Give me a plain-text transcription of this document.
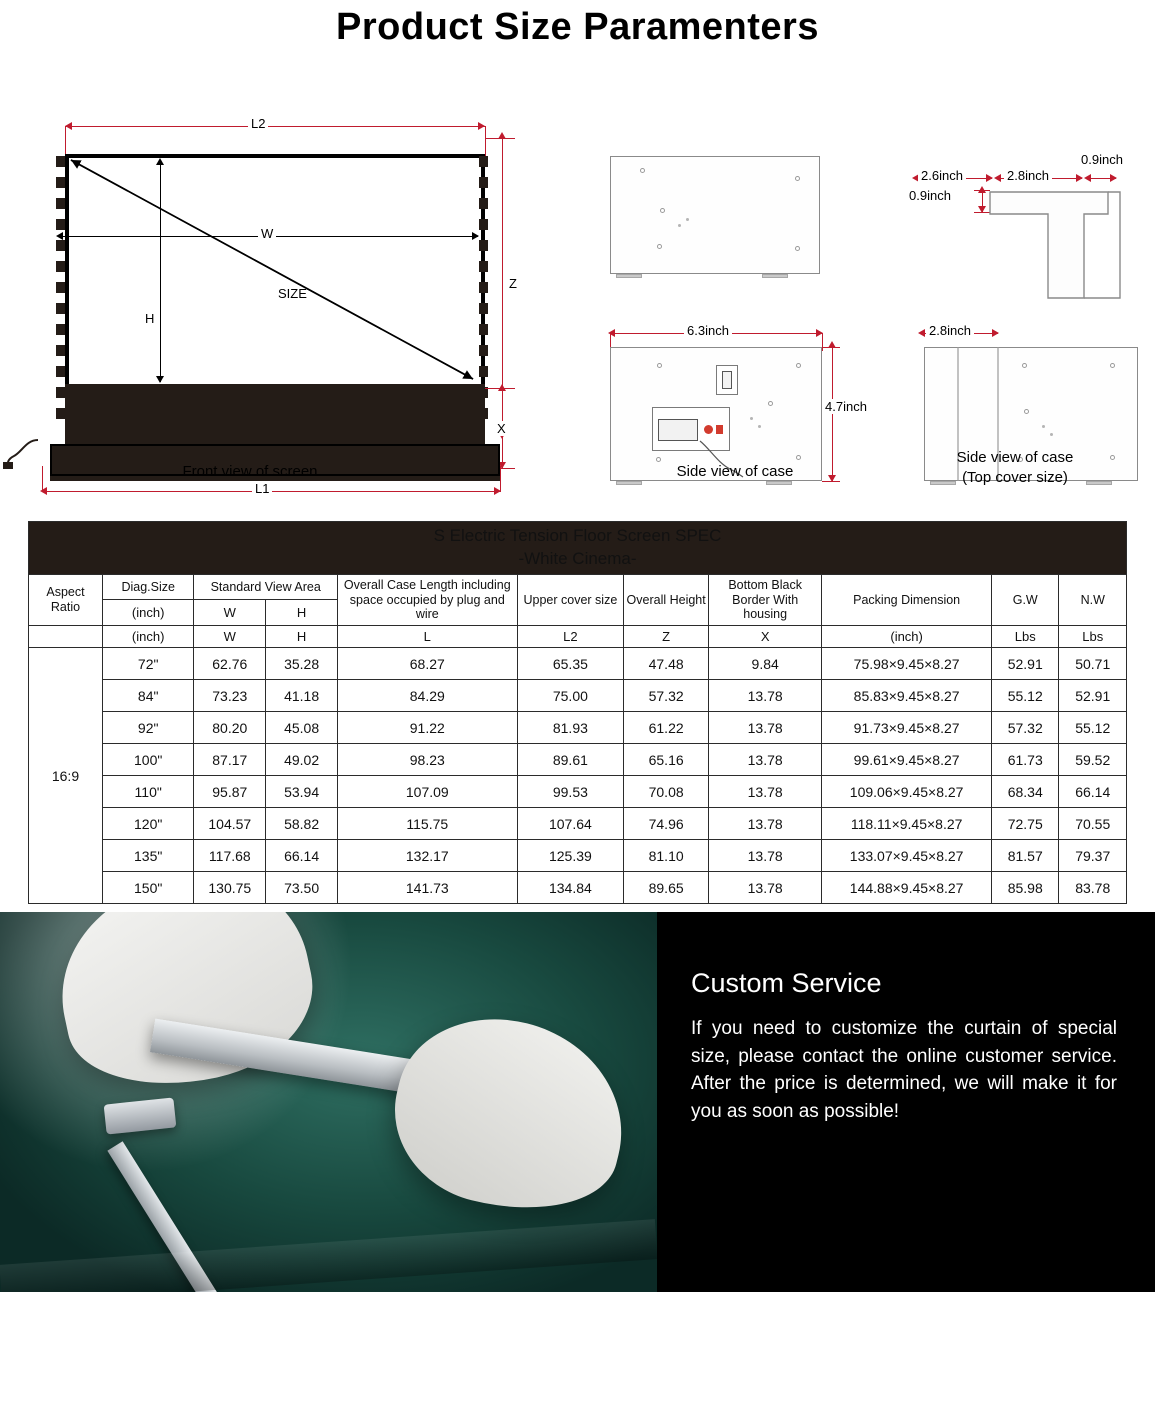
Product Size Paramenters
L2
SIZE
W
H
Z
X
L1
6.3inch
4.7inch
2.6inch	2.8inch
0.9inch
0.9inch
2.8inch
Front view of screen	Side view of case
Side view of case
(Top cover size)
S Electric Tension Floor Screen SPEC
-White Cinema-										

Aspect Ratio	Diag.Size	Standard View Area		Overall Case Length including space occupied by plug and wire	Upper cover size	Overall Height	Bottom Black Border With housing	Packing Dimension	G.W	N.W
	(inch)	W	H							
	(inch)	W	H	L	L2	Z	X	(inch)	Lbs	Lbs
16:9	72"	62.76	35.28	68.27	65.35	47.48	9.84	75.98×9.45×8.27	52.91	50.71
	84"	73.23	41.18	84.29	75.00	57.32	13.78	85.83×9.45×8.27	55.12	52.91
	92"	80.20	45.08	91.22	81.93	61.22	13.78	91.73×9.45×8.27	57.32	55.12
	100"	87.17	49.02	98.23	89.61	65.16	13.78	99.61×9.45×8.27	61.73	59.52
	110"	95.87	53.94	107.09	99.53	70.08	13.78	109.06×9.45×8.27	68.34	66.14
	120"	104.57	58.82	115.75	107.64	74.96	13.78	118.11×9.45×8.27	72.75	70.55
	135"	117.68	66.14	132.17	125.39	81.10	13.78	133.07×9.45×8.27	81.57	79.37
	150"	130.75	73.50	141.73	134.84	89.65	13.78	144.88×9.45×8.27	85.98	83.78
Custom Service

If you need to customize the curtain of special size, please contact the online customer service. After the price is determined, we will make it for you as soon as possible!
